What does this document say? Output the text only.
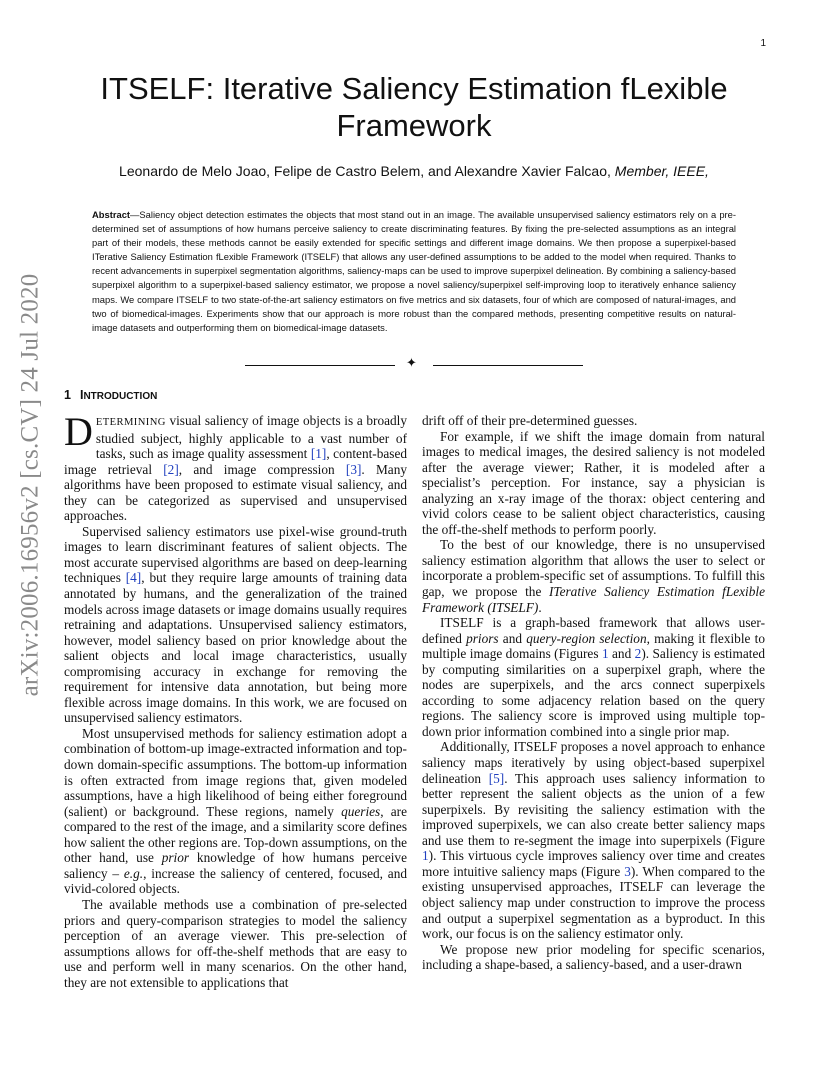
1
arXiv:2006.16956v2 [cs.CV] 24 Jul 2020
ITSELF: Iterative Saliency Estimation fLexible Framework
Leonardo de Melo Joao, Felipe de Castro Belem, and Alexandre Xavier Falcao, Member, IEEE,

Abstract—Saliency object detection estimates the objects that most stand out in an image. The available unsupervised saliency estimators rely on a pre-determined set of assumptions of how humans perceive saliency to create discriminating features. By fixing the pre-selected assumptions as an integral part of their models, these methods cannot be easily extended for specific settings and different image domains. We then propose a superpixel-based ITerative Saliency Estimation fLexible Framework (ITSELF) that allows any user-defined assumptions to be added to the model when required. Thanks to recent advancements in superpixel segmentation algorithms, saliency-maps can be used to improve superpixel delineation. By combining a saliency-based superpixel algorithm to a superpixel-based saliency estimator, we propose a novel saliency/superpixel self-improving loop to iteratively enhance saliency maps. We compare ITSELF to two state-of-the-art saliency estimators on five metrics and six datasets, four of which are composed of natural-images, and two of biomedical-images. Experiments show that our approach is more robust than the compared methods, presenting competitive results on natural-image datasets and outperforming them on biomedical-image datasets.

✦
1 INTRODUCTION

DETERMINING visual saliency of image objects is a broadly studied subject, highly applicable to a vast number of tasks, such as image quality assessment [1], content-based image retrieval [2], and image compression [3]. Many algorithms have been proposed to estimate visual saliency, and they can be categorized as supervised and unsupervised approaches.

Supervised saliency estimators use pixel-wise ground-truth images to learn discriminant features of salient objects. The most accurate supervised algorithms are based on deep-learning techniques [4], but they require large amounts of training data annotated by humans, and the generalization of the trained models across image datasets or image domains usually requires retraining and adaptations. Unsupervised saliency estimators, however, model saliency based on prior knowledge about the salient objects and local image characteristics, usually compromising accuracy in exchange for removing the requirement for intensive data annotation, but being more flexible across image domains. In this work, we are focused on unsupervised saliency estimators.

Most unsupervised methods for saliency estimation adopt a combination of bottom-up image-extracted information and top-down domain-specific assumptions. The bottom-up information is often extracted from image regions that, given modeled assumptions, have a high likelihood of being either foreground (salient) or background. These regions, namely queries, are compared to the rest of the image, and a similarity score defines how salient the other regions are. Top-down assumptions, on the other hand, use prior knowledge of how humans perceive saliency – e.g., increase the saliency of centered, focused, and vivid-colored objects.

The available methods use a combination of pre-selected priors and query-comparison strategies to model the saliency perception of an average viewer. This pre-selection of assumptions allows for off-the-shelf methods that are easy to use and perform well in many scenarios. On the other hand, they are not extensible to applications that

drift off of their pre-determined guesses.

For example, if we shift the image domain from natural images to medical images, the desired saliency is not modeled after the average viewer; Rather, it is modeled after a specialist’s perception. For instance, say a physician is analyzing an x-ray image of the thorax: object centering and vivid colors cease to be salient object characteristics, causing the off-the-shelf methods to perform poorly.

To the best of our knowledge, there is no unsupervised saliency estimation algorithm that allows the user to select or incorporate a problem-specific set of assumptions. To fulfill this gap, we propose the ITerative Saliency Estimation fLexible Framework (ITSELF).

ITSELF is a graph-based framework that allows user-defined priors and query-region selection, making it flexible to multiple image domains (Figures 1 and 2). Saliency is estimated by computing similarities on a superpixel graph, where the nodes are superpixels, and the arcs connect superpixels according to some adjacency relation based on the query regions. The saliency score is improved using multiple top-down prior information combined into a single prior map.

Additionally, ITSELF proposes a novel approach to enhance saliency maps iteratively by using object-based superpixel delineation [5]. This approach uses saliency information to better represent the salient objects as the union of a few superpixels. By revisiting the saliency estimation with the improved superpixels, we can also create better saliency maps and use them to re-segment the image into superpixels (Figure 1). This virtuous cycle improves saliency over time and creates more intuitive saliency maps (Figure 3). When compared to the existing unsupervised approaches, ITSELF can leverage the object saliency map under construction to improve the process and output a superpixel segmentation as a byproduct. In this work, our focus is on the saliency estimator only.

We propose new prior modeling for specific scenarios, including a shape-based, a saliency-based, and a user-drawn
